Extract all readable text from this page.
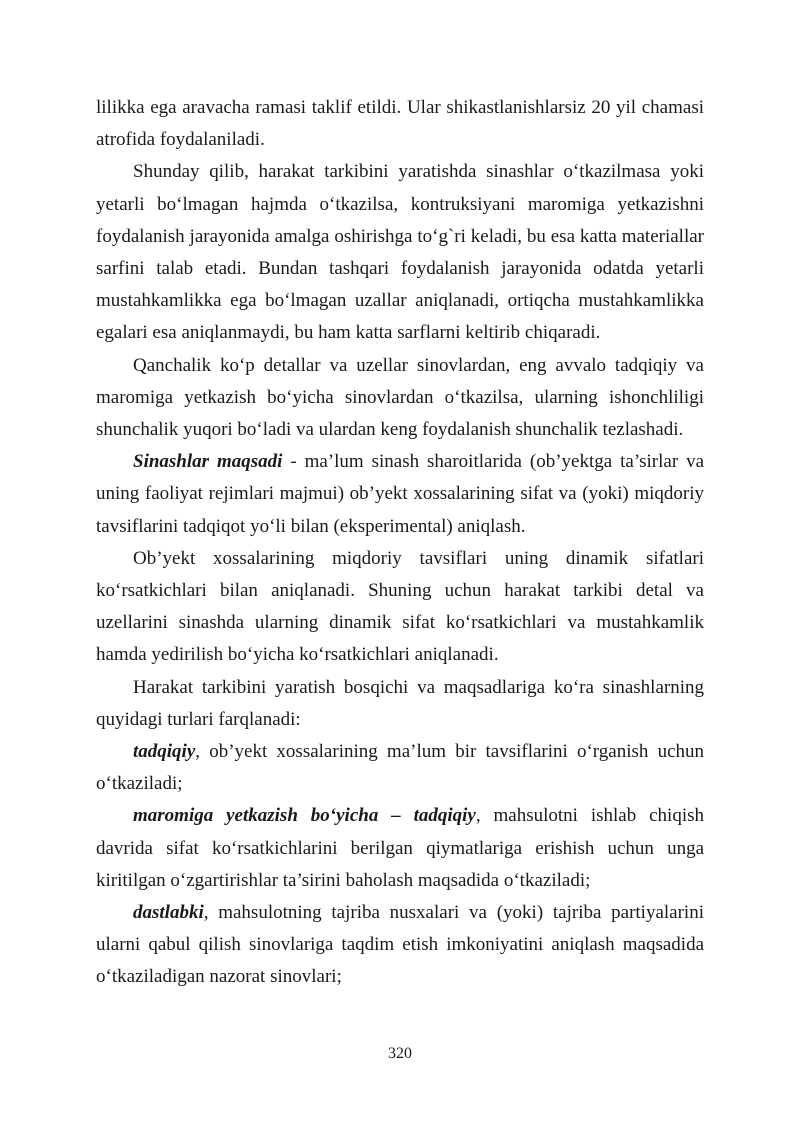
lilikka ega aravacha ramasi taklif etildi. Ular shikastlanishlarsiz 20 yil chamasi atrofida foydalaniladi.

Shunday qilib, harakat tarkibini yaratishda sinashlar o‘tkazilmasa yoki yetarli bo‘lmagan hajmda o‘tkazilsa, kontruksiyani maromiga yetkazishni foydalanish jarayonida amalga oshirishga to‘g`ri keladi, bu esa katta materiallar sarfini talab etadi. Bundan tashqari foydalanish jarayonida odatda yetarli mustahkamlikka ega bo‘lmagan uzallar aniqlanadi, ortiqcha mustahkamlikka egalari esa aniqlanmaydi, bu ham katta sarflarni keltirib chiqaradi.

Qanchalik ko‘p detallar va uzellar sinovlardan, eng avvalo tadqiqiy va maromiga yetkazish bo‘yicha sinovlardan o‘tkazilsa, ularning ishonchliligi shunchalik yuqori bo‘ladi va ulardan keng foydalanish shunchalik tezlashadi.

Sinashlar maqsadi - ma’lum sinash sharoitlarida (ob’yektga ta’sirlar va uning faoliyat rejimlari majmui) ob’yekt xossalarining sifat va (yoki) miqdoriy tavsiflarini tadqiqot yo‘li bilan (eksperimental) aniqlash.

Ob’yekt xossalarining miqdoriy tavsiflari uning dinamik sifatlari ko‘rsatkichlari bilan aniqlanadi. Shuning uchun harakat tarkibi detal va uzellarini sinashda ularning dinamik sifat ko‘rsatkichlari va mustahkamlik hamda yedirilish bo‘yicha ko‘rsatkichlari aniqlanadi.

Harakat tarkibini yaratish bosqichi va maqsadlariga ko‘ra sinashlarning quyidagi turlari farqlanadi:

tadqiqiy, ob’yekt xossalarining ma’lum bir tavsiflarini o‘rganish uchun o‘tkaziladi;

maromiga yetkazish bo‘yicha – tadqiqiy, mahsulotni ishlab chiqish davrida sifat ko‘rsatkichlarini berilgan qiymatlariga erishish uchun unga kiritilgan o‘zgartirishlar ta’sirini baholash maqsadida o‘tkaziladi;

dastlabki, mahsulotning tajriba nusxalari va (yoki) tajriba partiyalarini ularni qabul qilish sinovlariga taqdim etish imkoniyatini aniqlash maqsadida o‘tkaziladigan nazorat sinovlari;

320
